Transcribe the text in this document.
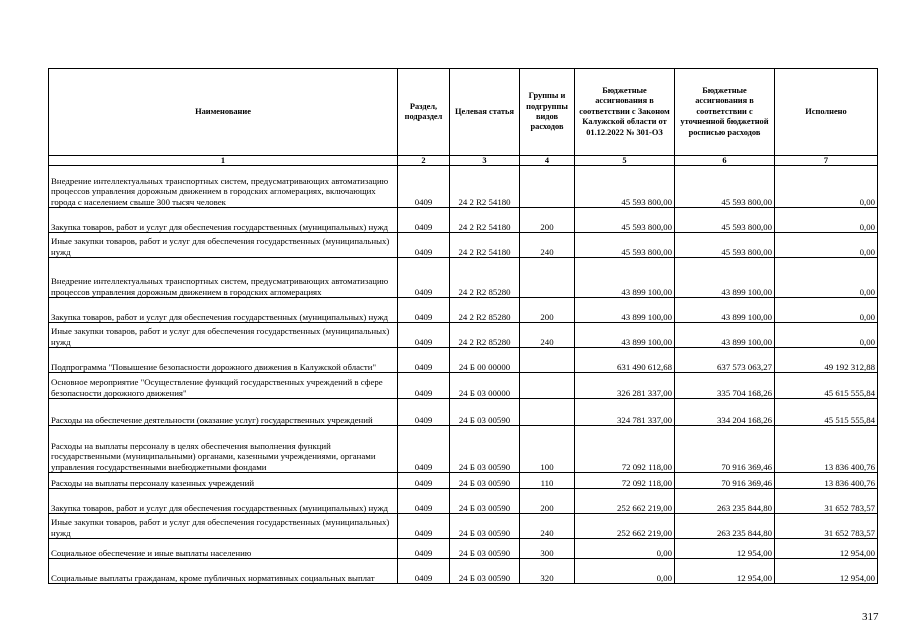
Наименование	Раздел, подраздел	Целевая статья	Группы и подгруппы видов расходов	Бюджетные ассигнования в соответствии с Законом Калужской области от 01.12.2022 № 301-ОЗ	Бюджетные ассигнования в соответствии с уточненной бюджетной росписью расходов	Исполнено
1	2	3	4	5	6	7
Внедрение интеллектуальных транспортных систем, предусматривающих автоматизацию процессов управления дорожным движением в городских агломерациях, включающих города с населением свыше 300 тысяч человек	0409	24 2 R2 54180		45 593 800,00	45 593 800,00	0,00
Закупка товаров, работ и услуг для обеспечения государственных (муниципальных) нужд	0409	24 2 R2 54180	200	45 593 800,00	45 593 800,00	0,00
Иные закупки товаров, работ и услуг для обеспечения государственных (муниципальных) нужд	0409	24 2 R2 54180	240	45 593 800,00	45 593 800,00	0,00
Внедрение интеллектуальных транспортных систем, предусматривающих автоматизацию процессов управления дорожным движением в городских агломерациях	0409	24 2 R2 85280		43 899 100,00	43 899 100,00	0,00
Закупка товаров, работ и услуг для обеспечения государственных (муниципальных) нужд	0409	24 2 R2 85280	200	43 899 100,00	43 899 100,00	0,00
Иные закупки товаров, работ и услуг для обеспечения государственных (муниципальных) нужд	0409	24 2 R2 85280	240	43 899 100,00	43 899 100,00	0,00
Подпрограмма "Повышение безопасности дорожного движения в Калужской области"	0409	24 Б 00 00000		631 490 612,68	637 573 063,27	49 192 312,88
Основное мероприятие "Осуществление функций государственных учреждений в сфере безопасности дорожного движения"	0409	24 Б 03 00000		326 281 337,00	335 704 168,26	45 615 555,84
Расходы на обеспечение деятельности (оказание услуг) государственных учреждений	0409	24 Б 03 00590		324 781 337,00	334 204 168,26	45 515 555,84
Расходы на выплаты персоналу в целях обеспечения выполнения функций государственными (муниципальными) органами, казенными учреждениями, органами управления государственными внебюджетными фондами	0409	24 Б 03 00590	100	72 092 118,00	70 916 369,46	13 836 400,76
Расходы на выплаты персоналу казенных учреждений	0409	24 Б 03 00590	110	72 092 118,00	70 916 369,46	13 836 400,76
Закупка товаров, работ и услуг для обеспечения государственных (муниципальных) нужд	0409	24 Б 03 00590	200	252 662 219,00	263 235 844,80	31 652 783,57
Иные закупки товаров, работ и услуг для обеспечения государственных (муниципальных) нужд	0409	24 Б 03 00590	240	252 662 219,00	263 235 844,80	31 652 783,57
Социальное обеспечение и иные выплаты населению	0409	24 Б 03 00590	300	0,00	12 954,00	12 954,00
Социальные выплаты гражданам, кроме публичных нормативных социальных выплат	0409	24 Б 03 00590	320	0,00	12 954,00	12 954,00
317
